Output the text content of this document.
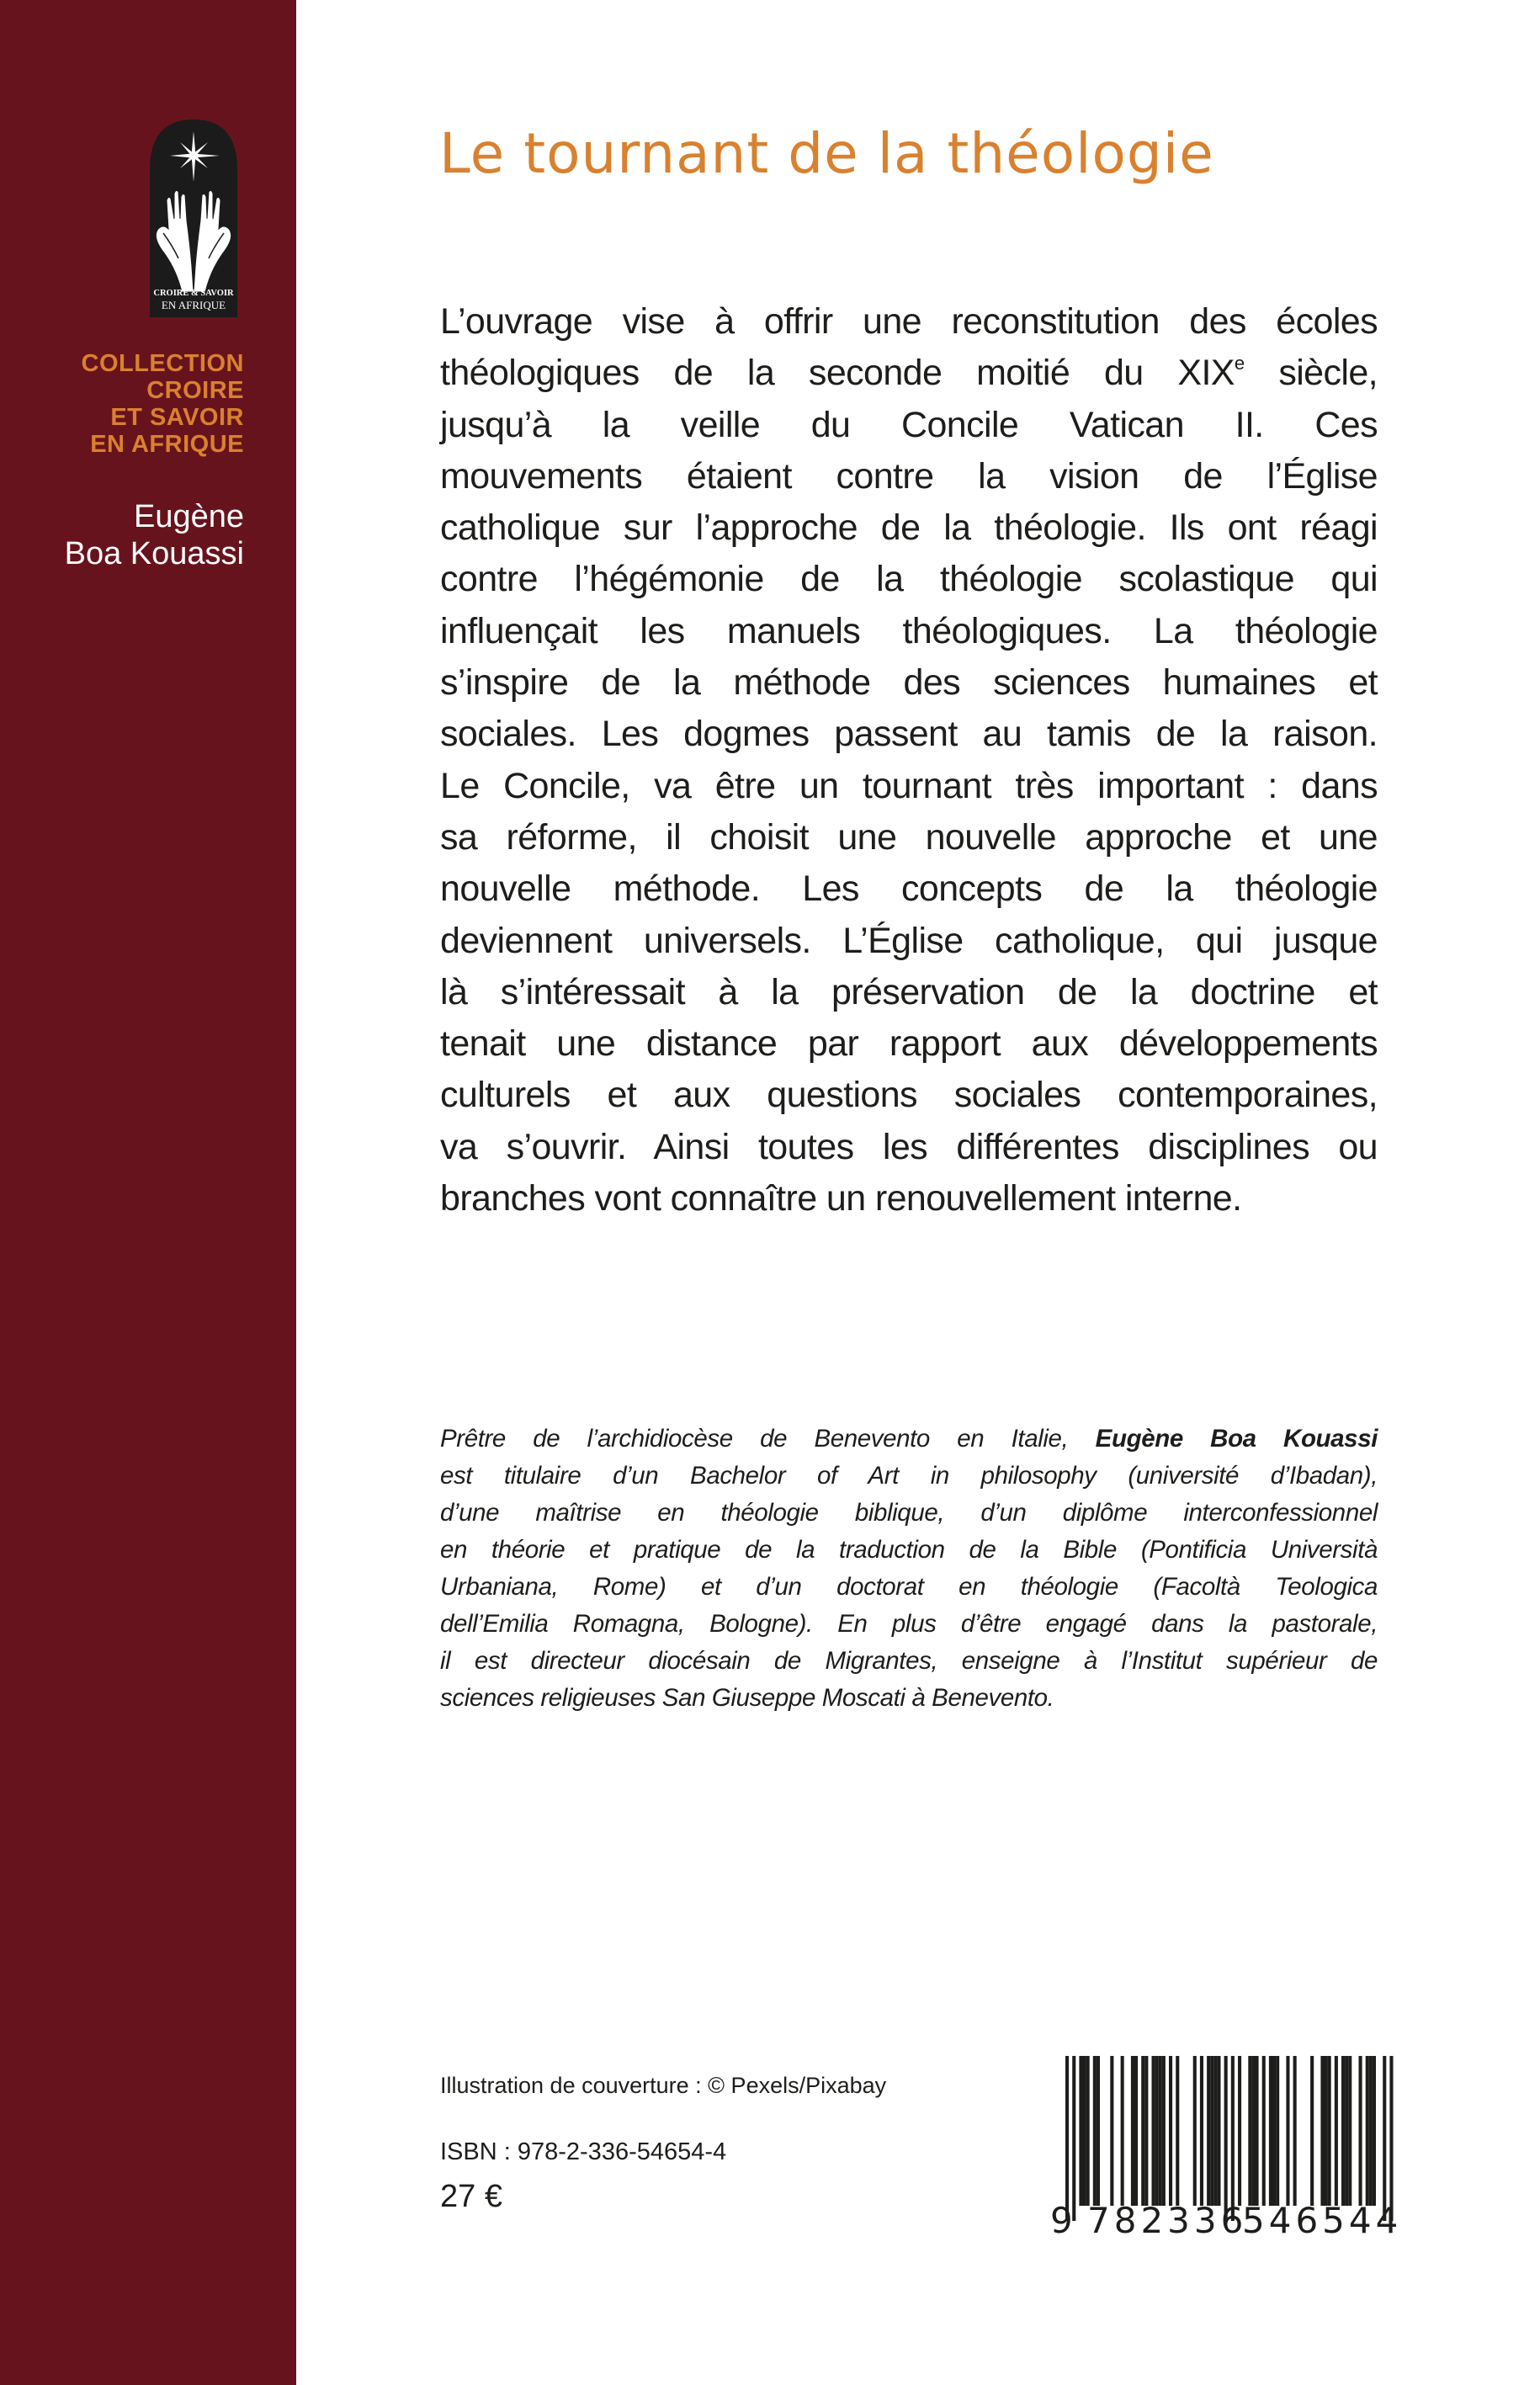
CROIRE & SAVOIR
EN AFRIQUE
COLLECTION
CROIRE
ET SAVOIR
EN AFRIQUE
Eugène
Boa Kouassi
Le tournant de la théologie
L’ouvrage vise à offrir une reconstitution des écoles
théologiques de la seconde moitié du XIXe siècle,
jusqu’à la veille du Concile Vatican II. Ces
mouvements étaient contre la vision de l’Église
catholique sur l’approche de la théologie. Ils ont réagi
contre l’hégémonie de la théologie scolastique qui
influençait les manuels théologiques. La théologie
s’inspire de la méthode des sciences humaines et
sociales. Les dogmes passent au tamis de la raison.
Le Concile, va être un tournant très important : dans
sa réforme, il choisit une nouvelle approche et une
nouvelle méthode. Les concepts de la théologie
deviennent universels. L’Église catholique, qui jusque
là s’intéressait à la préservation de la doctrine et
tenait une distance par rapport aux développements
culturels et aux questions sociales contemporaines,
va s’ouvrir. Ainsi toutes les différentes disciplines ou
branches vont connaître un renouvellement interne.
Prêtre de l’archidiocèse de Benevento en Italie, Eugène Boa Kouassi
est titulaire d’un Bachelor of Art in philosophy (université d’Ibadan),
d’une maîtrise en théologie biblique, d’un diplôme interconfessionnel
en théorie et pratique de la traduction de la Bible (Pontificia Università
Urbaniana, Rome) et d’un doctorat en théologie (Facoltà Teologica
dell’Emilia Romagna, Bologne). En plus d’être engagé dans la pastorale,
il est directeur diocésain de Migrantes, enseigne à l’Institut supérieur de
sciences religieuses San Giuseppe Moscati à Benevento.
Illustration de couverture : © Pexels/Pixabay
ISBN : 978-2-336-54654-4
27 €
9 782336
546544
